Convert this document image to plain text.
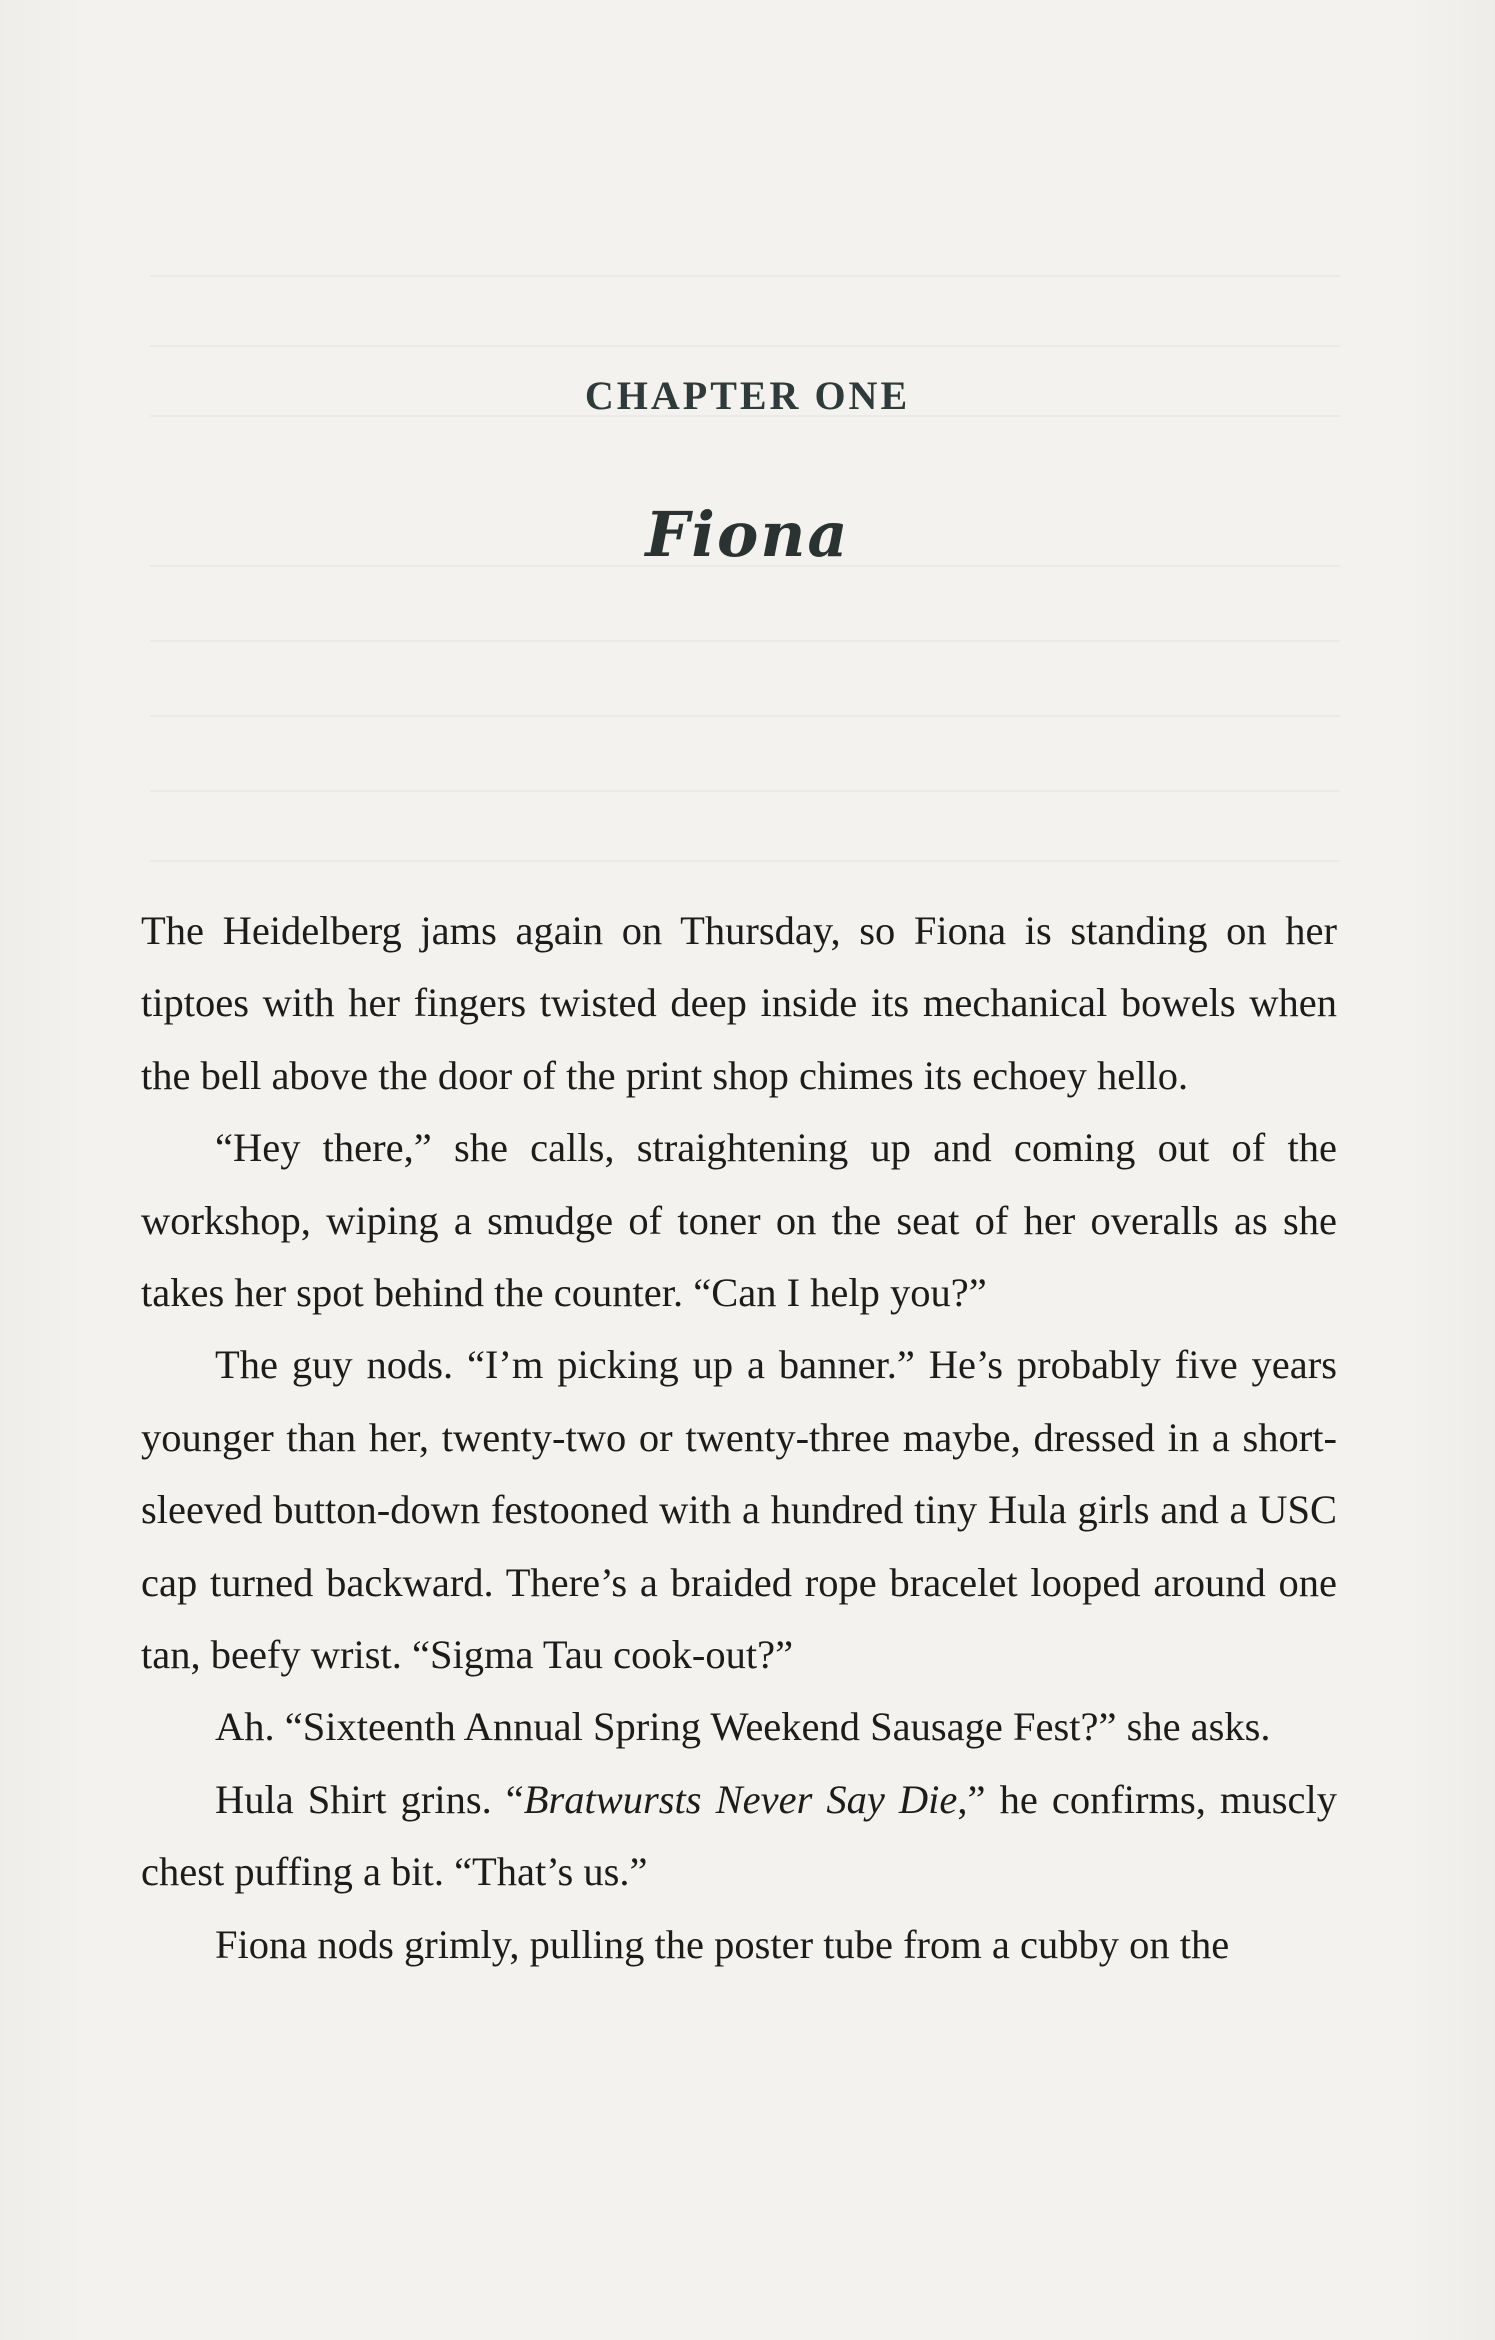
CHAPTER ONE
Fiona

The Heidelberg jams again on Thursday, so Fiona is standing on her tiptoes with her fingers twisted deep inside its mechanical bowels when the bell above the door of the print shop chimes its echoey hello.

“Hey there,” she calls, straightening up and coming out of the workshop, wiping a smudge of toner on the seat of her overalls as she takes her spot behind the counter. “Can I help you?”

The guy nods. “I’m picking up a banner.” He’s probably five years younger than her, twenty-two or twenty-three maybe, dressed in a short-sleeved button-down festooned with a hundred tiny Hula girls and a USC cap turned backward. There’s a braided rope bracelet looped around one tan, beefy wrist. “Sigma Tau cook-out?”

Ah. “Sixteenth Annual Spring Weekend Sausage Fest?” she asks.

Hula Shirt grins. “Bratwursts Never Say Die,” he confirms, muscly chest puffing a bit. “That’s us.”

Fiona nods grimly, pulling the poster tube from a cubby on the
